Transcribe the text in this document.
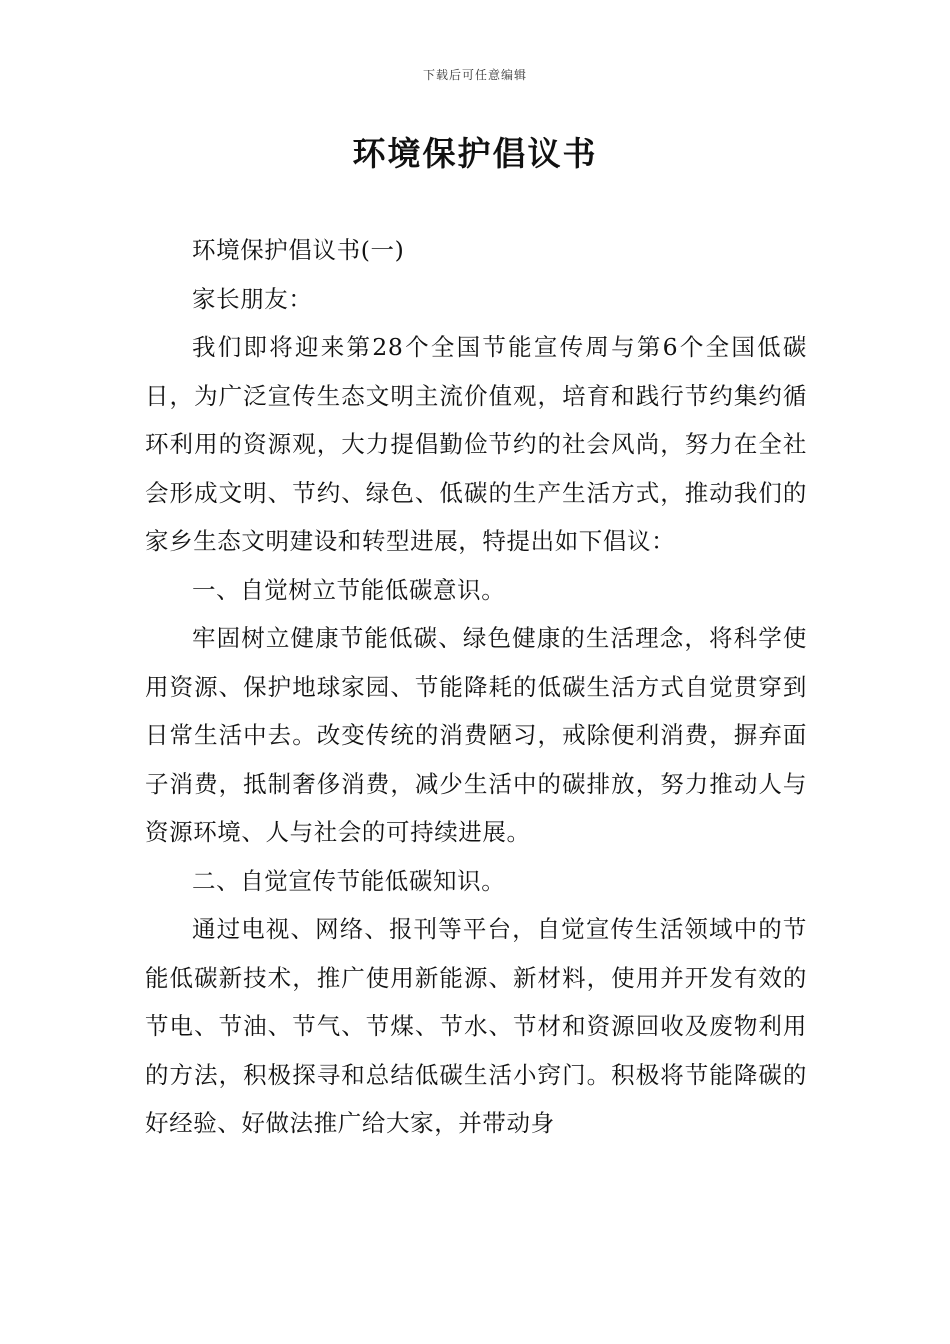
下载后可任意编辑
环境保护倡议书

环境保护倡议书(一)

家长朋友：

我们即将迎来第28个全国节能宣传周与第6个全国低碳日，为广泛宣传生态文明主流价值观，培育和践行节约集约循环利用的资源观，大力提倡勤俭节约的社会风尚，努力在全社会形成文明、节约、绿色、低碳的生产生活方式，推动我们的家乡生态文明建设和转型进展，特提出如下倡议：

一、自觉树立节能低碳意识。

牢固树立健康节能低碳、绿色健康的生活理念，将科学使用资源、保护地球家园、节能降耗的低碳生活方式自觉贯穿到日常生活中去。改变传统的消费陋习，戒除便利消费，摒弃面子消费，抵制奢侈消费，减少生活中的碳排放，努力推动人与资源环境、人与社会的可持续进展。

二、自觉宣传节能低碳知识。

通过电视、网络、报刊等平台，自觉宣传生活领域中的节能低碳新技术，推广使用新能源、新材料，使用并开发有效的节电、节油、节气、节煤、节水、节材和资源回收及废物利用的方法，积极探寻和总结低碳生活小窍门。积极将节能降碳的好经验、好做法推广给大家，并带动身
